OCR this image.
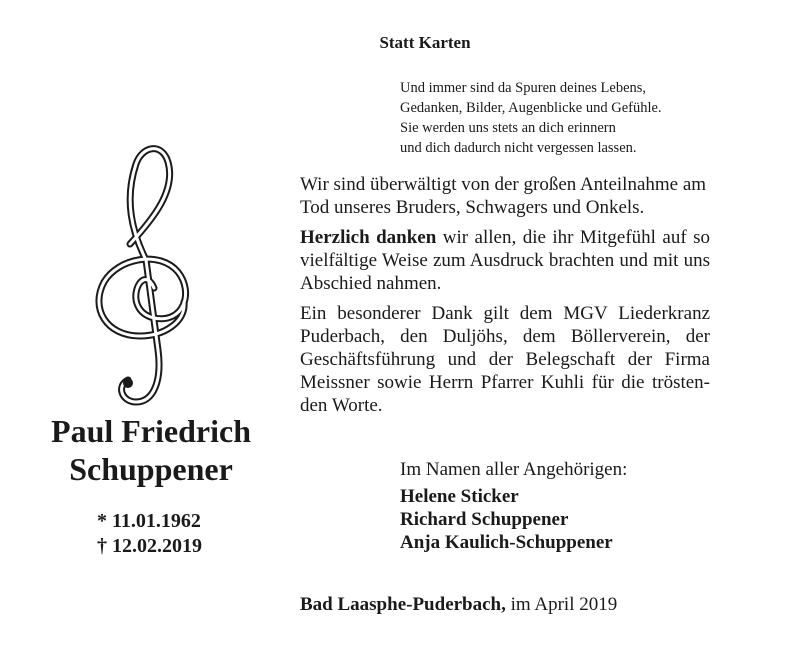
Statt Karten
Und immer sind da Spuren deines Lebens,
Gedanken, Bilder, Augenblicke und Gefühle.
Sie werden uns stets an dich erinnern
und dich dadurch nicht vergessen lassen.
Paul Friedrich
Schuppener
* 11.01.1962
† 12.02.2019

Wir sind überwältigt von der großen Anteilnahme am Tod unseres Bruders, Schwagers und Onkels.

Herzlich danken wir allen, die ihr Mitgefühl auf so vielfältige Weise zum Ausdruck brachten und mit uns Abschied nahmen.

Ein besonderer Dank gilt dem MGV Liederkranz Puderbach, den Duljöhs, dem Böllerverein, der Geschäftsführung und der Belegschaft der Firma Meissner sowie Herrn Pfarrer Kuhli für die tröstenden Worte.

Im Namen aller Angehörigen:
Helene Sticker
Richard Schuppener
Anja Kaulich-Schuppener
Bad Laasphe-Puderbach, im April 2019
